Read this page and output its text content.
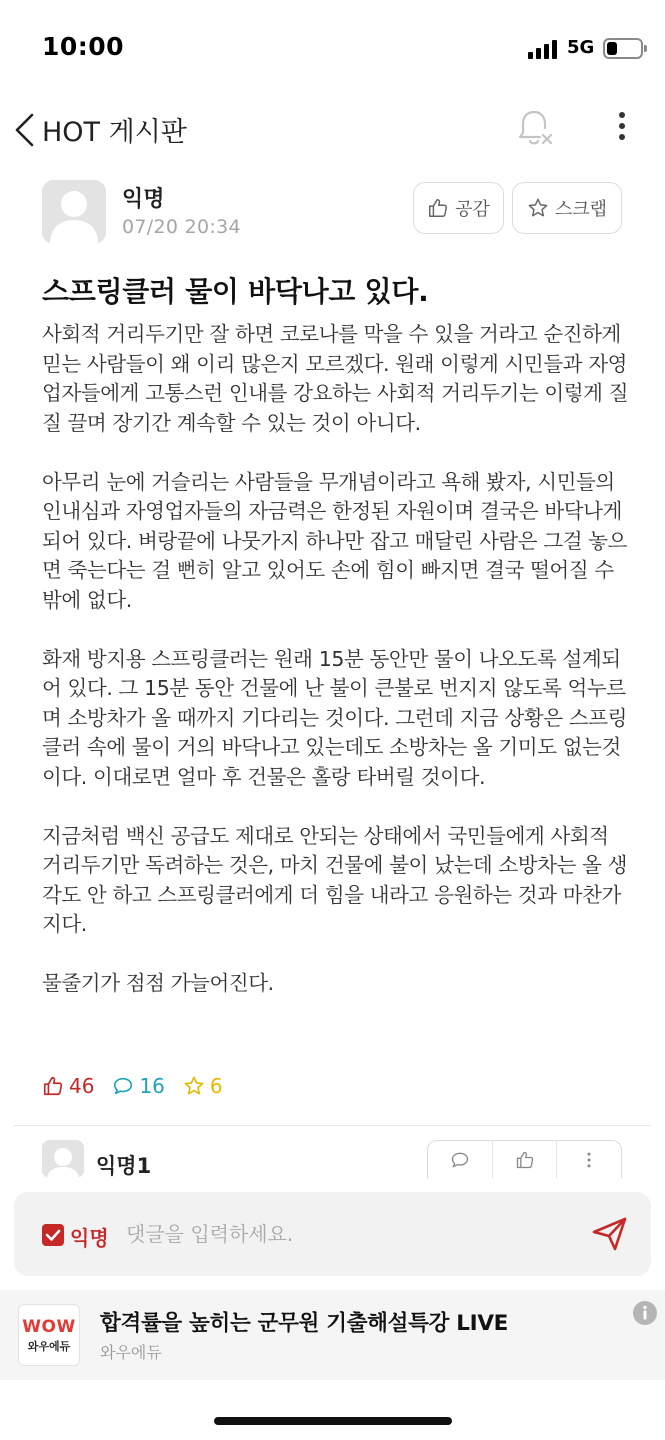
10:00	5G
HOT 게시판
익명
07/20 20:34
공감	스크랩
스프링클러 물이 바닥나고 있다.

사회적 거리두기만 잘 하면 코로나를 막을 수 있을 거라고 순진하게 믿는 사람들이 왜 이리 많은지 모르겠다. 원래 이렇게 시민들과 자영업자들에게 고통스런 인내를 강요하는 사회적 거리두기는 이렇게 질질 끌며 장기간 계속할 수 있는 것이 아니다.

아무리 눈에 거슬리는 사람들을 무개념이라고 욕해 봤자, 시민들의 인내심과 자영업자들의 자금력은 한정된 자원이며 결국은 바닥나게 되어 있다. 벼랑끝에 나뭇가지 하나만 잡고 매달린 사람은 그걸 놓으면 죽는다는 걸 뻔히 알고 있어도 손에 힘이 빠지면 결국 떨어질 수밖에 없다.

화재 방지용 스프링클러는 원래 15분 동안만 물이 나오도록 설계되어 있다. 그 15분 동안 건물에 난 불이 큰불로 번지지 않도록 억누르며 소방차가 올 때까지 기다리는 것이다. 그런데 지금 상황은 스프링클러 속에 물이 거의 바닥나고 있는데도 소방차는 올 기미도 없는것이다. 이대로면 얼마 후 건물은 홀랑 타버릴 것이다.

지금처럼 백신 공급도 제대로 안되는 상태에서 국민들에게 사회적 거리두기만 독려하는 것은, 마치 건물에 불이 났는데 소방차는 올 생각도 안 하고 스프링클러에게 더 힘을 내라고 응원하는 것과 마찬가지다.

물줄기가 점점 가늘어진다.

46 16 6
익명1
익명
댓글을 입력하세요.
WOW
와우에듀
합격률을 높히는 군무원 기출해설특강 LIVE
와우에듀
